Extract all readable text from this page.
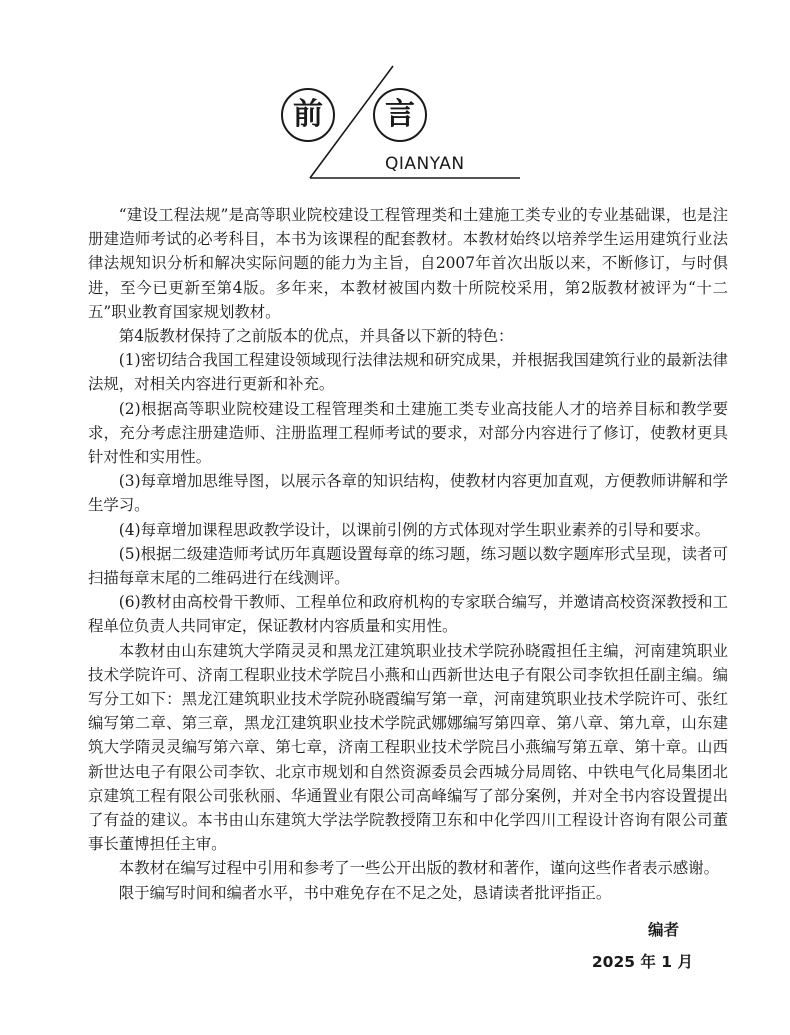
前	言
QIANYAN

“建设工程法规”是高等职业院校建设工程管理类和土建施工类专业的专业基础课，也是注册建造师考试的必考科目，本书为该课程的配套教材。本教材始终以培养学生运用建筑行业法律法规知识分析和解决实际问题的能力为主旨，自2007年首次出版以来，不断修订，与时俱进，至今已更新至第4版。多年来，本教材被国内数十所院校采用，第2版教材被评为“十二五”职业教育国家规划教材。

第4版教材保持了之前版本的优点，并具备以下新的特色：

(1)密切结合我国工程建设领域现行法律法规和研究成果，并根据我国建筑行业的最新法律法规，对相关内容进行更新和补充。

(2)根据高等职业院校建设工程管理类和土建施工类专业高技能人才的培养目标和教学要求，充分考虑注册建造师、注册监理工程师考试的要求，对部分内容进行了修订，使教材更具针对性和实用性。

(3)每章增加思维导图，以展示各章的知识结构，使教材内容更加直观，方便教师讲解和学生学习。

(4)每章增加课程思政教学设计，以课前引例的方式体现对学生职业素养的引导和要求。

(5)根据二级建造师考试历年真题设置每章的练习题，练习题以数字题库形式呈现，读者可扫描每章末尾的二维码进行在线测评。

(6)教材由高校骨干教师、工程单位和政府机构的专家联合编写，并邀请高校资深教授和工程单位负责人共同审定，保证教材内容质量和实用性。

本教材由山东建筑大学隋灵灵和黑龙江建筑职业技术学院孙晓霞担任主编，河南建筑职业技术学院许可、济南工程职业技术学院吕小燕和山西新世达电子有限公司李钦担任副主编。编写分工如下：黑龙江建筑职业技术学院孙晓霞编写第一章，河南建筑职业技术学院许可、张红编写第二章、第三章，黑龙江建筑职业技术学院武娜娜编写第四章、第八章、第九章，山东建筑大学隋灵灵编写第六章、第七章，济南工程职业技术学院吕小燕编写第五章、第十章。山西新世达电子有限公司李钦、北京市规划和自然资源委员会西城分局周铭、中铁电气化局集团北京建筑工程有限公司张秋丽、华通置业有限公司高峰编写了部分案例，并对全书内容设置提出了有益的建议。本书由山东建筑大学法学院教授隋卫东和中化学四川工程设计咨询有限公司董事长董博担任主审。

本教材在编写过程中引用和参考了一些公开出版的教材和著作，谨向这些作者表示感谢。

限于编写时间和编者水平，书中难免存在不足之处，恳请读者批评指正。

编者
2025 年 1 月
